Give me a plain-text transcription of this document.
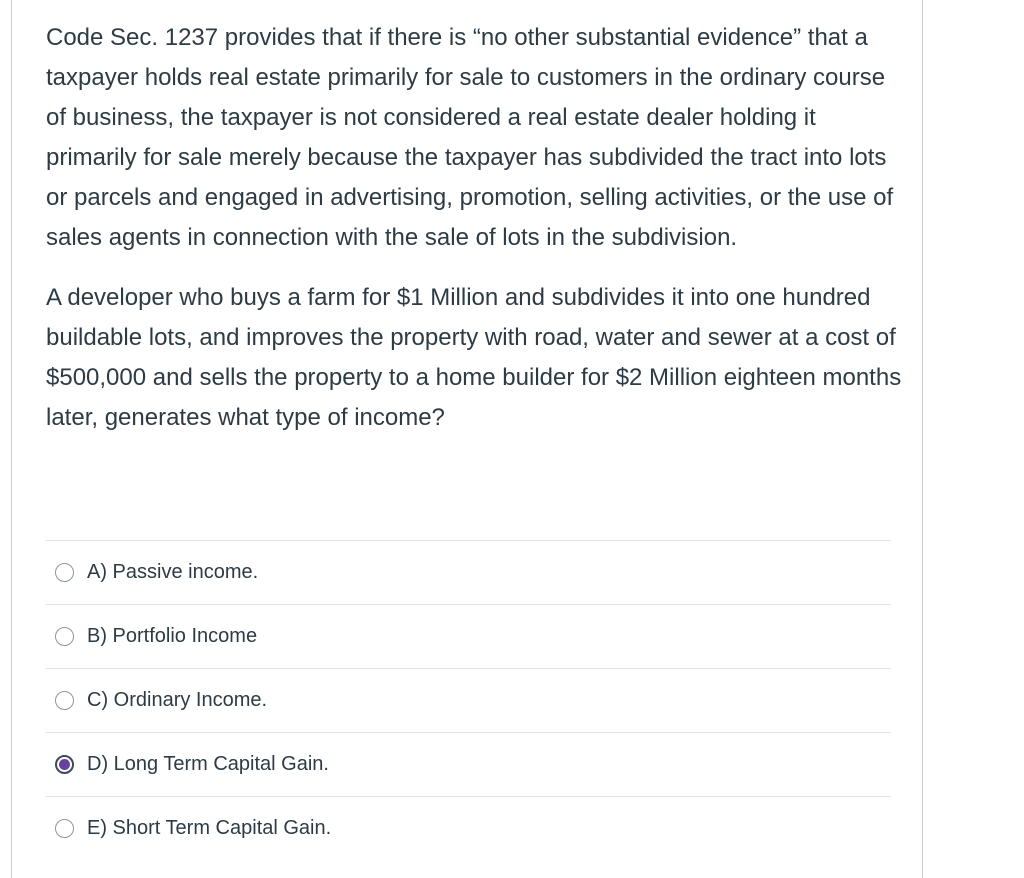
Code Sec. 1237 provides that if there is “no other substantial evidence” that a taxpayer holds real estate primarily for sale to customers in the ordinary course of business, the taxpayer is not considered a real estate dealer holding it primarily for sale merely because the taxpayer has subdivided the tract into lots or parcels and engaged in advertising, promotion, selling activities, or the use of sales agents in connection with the sale of lots in the subdivision.

A developer who buys a farm for $1 Million and subdivides it into one hundred buildable lots, and improves the property with road, water and sewer at a cost of $500,000 and sells the property to a home builder for $2 Million eighteen months later, generates what type of income?

A) Passive income.
B) Portfolio Income
C) Ordinary Income.
D) Long Term Capital Gain.
E) Short Term Capital Gain.
